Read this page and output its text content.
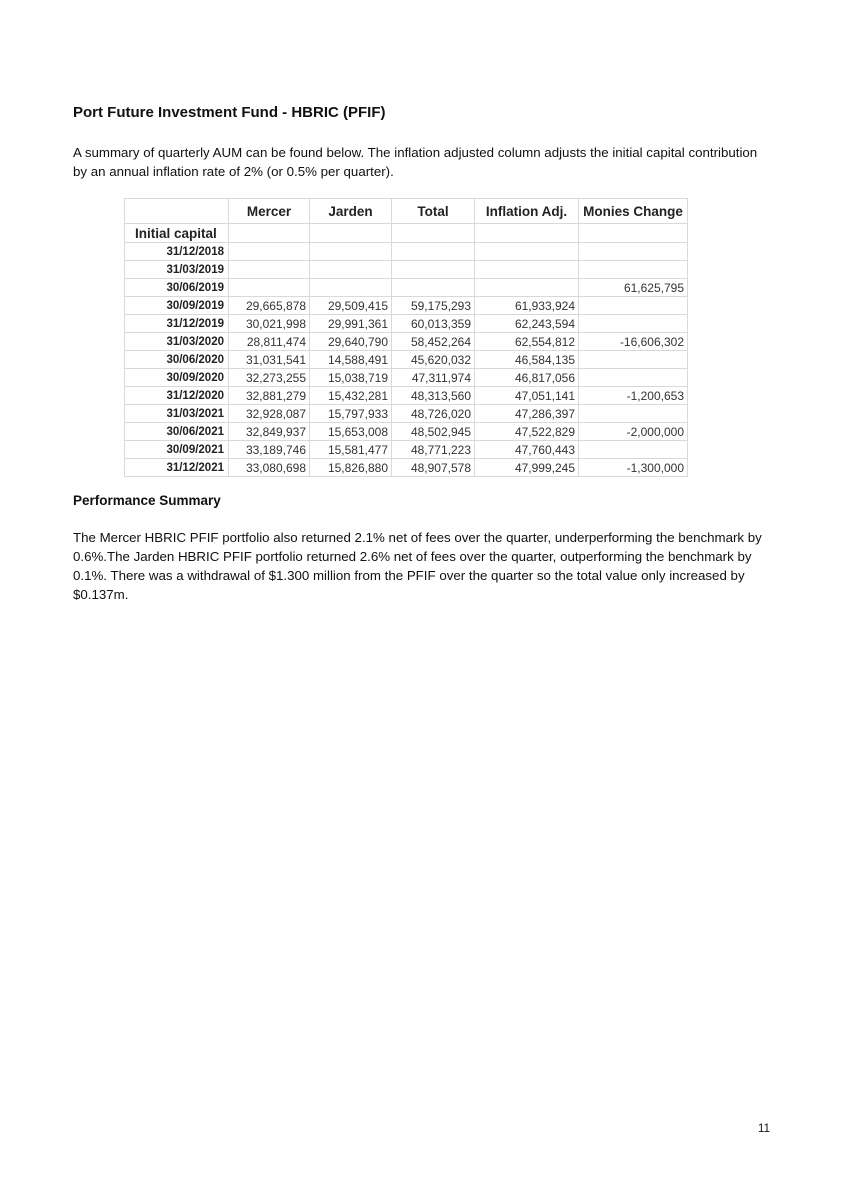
Port Future Investment Fund - HBRIC (PFIF)

A summary of quarterly AUM can be found below. The inflation adjusted column adjusts the initial capital contribution by an annual inflation rate of 2% (or 0.5% per quarter).

	Mercer	Jarden	Total	Inflation Adj.	Monies Change
Initial capital					
31/12/2018					
31/03/2019					
30/06/2019					61,625,795
30/09/2019	29,665,878	29,509,415	59,175,293	61,933,924	
31/12/2019	30,021,998	29,991,361	60,013,359	62,243,594	
31/03/2020	28,811,474	29,640,790	58,452,264	62,554,812	-16,606,302
30/06/2020	31,031,541	14,588,491	45,620,032	46,584,135	
30/09/2020	32,273,255	15,038,719	47,311,974	46,817,056	
31/12/2020	32,881,279	15,432,281	48,313,560	47,051,141	-1,200,653
31/03/2021	32,928,087	15,797,933	48,726,020	47,286,397	
30/06/2021	32,849,937	15,653,008	48,502,945	47,522,829	-2,000,000
30/09/2021	33,189,746	15,581,477	48,771,223	47,760,443	
31/12/2021	33,080,698	15,826,880	48,907,578	47,999,245	-1,300,000
Performance Summary

The Mercer HBRIC PFIF portfolio also returned 2.1% net of fees over the quarter, underperforming the benchmark by 0.6%.The Jarden HBRIC PFIF portfolio returned 2.6% net of fees over the quarter, outperforming the benchmark by 0.1%. There was a withdrawal of $1.300 million from the PFIF over the quarter so the total value only increased by $0.137m.

11
